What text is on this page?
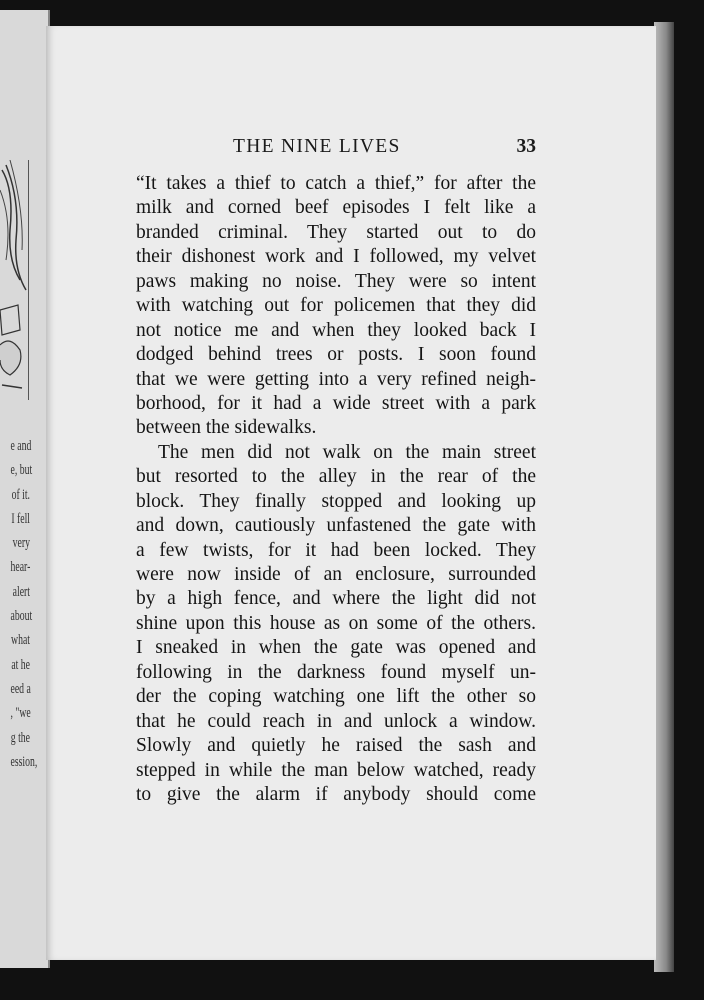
e and
e, but
of it.
I fell
very
hear-
alert
about
what
at he
eed a
, "we
g the
ession,
THE NINE LIVES	33
“It takes a thief to catch a thief,” for after the
milk and corned beef episodes I felt like a
branded criminal. They started out to do
their dishonest work and I followed, my velvet
paws making no noise. They were so intent
with watching out for policemen that they did
not notice me and when they looked back I
dodged behind trees or posts. I soon found
that we were getting into a very refined neigh-
borhood, for it had a wide street with a park
between the sidewalks.
The men did not walk on the main street
but resorted to the alley in the rear of the
block. They finally stopped and looking up
and down, cautiously unfastened the gate with
a few twists, for it had been locked. They
were now inside of an enclosure, surrounded
by a high fence, and where the light did not
shine upon this house as on some of the others.
I sneaked in when the gate was opened and
following in the darkness found myself un-
der the coping watching one lift the other so
that he could reach in and unlock a window.
Slowly and quietly he raised the sash and
stepped in while the man below watched, ready
to give the alarm if anybody should come
